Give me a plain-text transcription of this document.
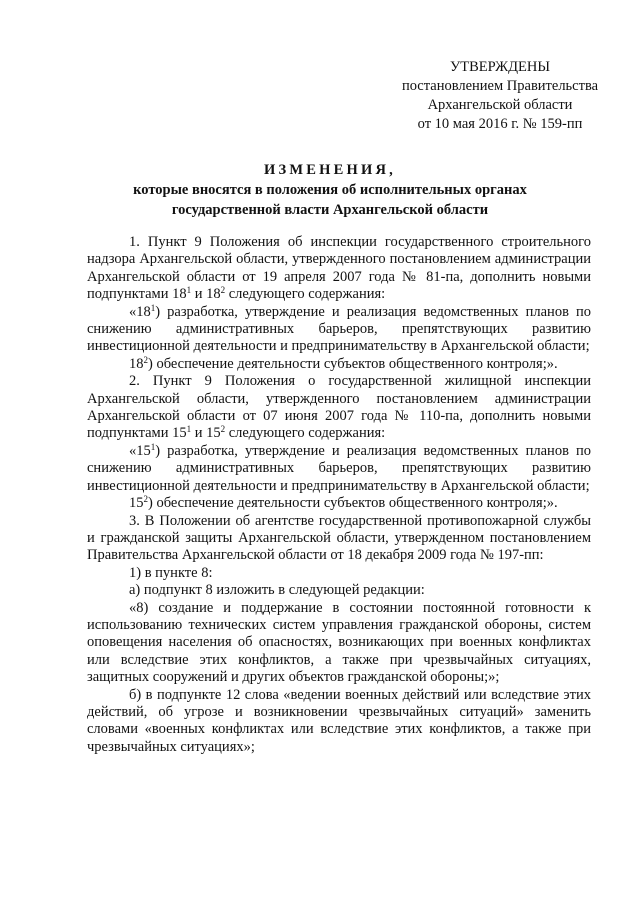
УТВЕРЖДЕНЫ
постановлением Правительства
Архангельской области
от 10 мая 2016 г. № 159-пп
ИЗМЕНЕНИЯ,
которые вносятся в положения об исполнительных органах
государственной власти Архангельской области

1. Пункт 9 Положения об инспекции государственного строительного надзора Архангельской области, утвержденного постановлением администрации Архангельской области от 19 апреля 2007 года № 81-па, дополнить новыми подпунктами $18^1$ и $18^2$ следующего содержания:

«$18^1$) разработка, утверждение и реализация ведомственных планов по снижению административных барьеров, препятствующих развитию инвестиционной деятельности и предпринимательству в Архангельской области;

$18^2$) обеспечение деятельности субъектов общественного контроля;».

2. Пункт 9 Положения о государственной жилищной инспекции Архангельской области, утвержденного постановлением администрации Архангельской области от 07 июня 2007 года № 110-па, дополнить новыми подпунктами $15^1$ и $15^2$ следующего содержания:

«$15^1$) разработка, утверждение и реализация ведомственных планов по снижению административных барьеров, препятствующих развитию инвестиционной деятельности и предпринимательству в Архангельской области;

$15^2$) обеспечение деятельности субъектов общественного контроля;».

3. В Положении об агентстве государственной противопожарной службы и гражданской защиты Архангельской области, утвержденном постановлением Правительства Архангельской области от 18 декабря 2009 года № 197-пп:

1) в пункте 8:

а) подпункт 8 изложить в следующей редакции:

«8) создание и поддержание в состоянии постоянной готовности к использованию технических систем управления гражданской обороны, систем оповещения населения об опасностях, возникающих при военных конфликтах или вследствие этих конфликтов, а также при чрезвычайных ситуациях, защитных сооружений и других объектов гражданской обороны;»;

б) в подпункте 12 слова «ведении военных действий или вследствие этих действий, об угрозе и возникновении чрезвычайных ситуаций» заменить словами «военных конфликтах или вследствие этих конфликтов, а также при чрезвычайных ситуациях»;
